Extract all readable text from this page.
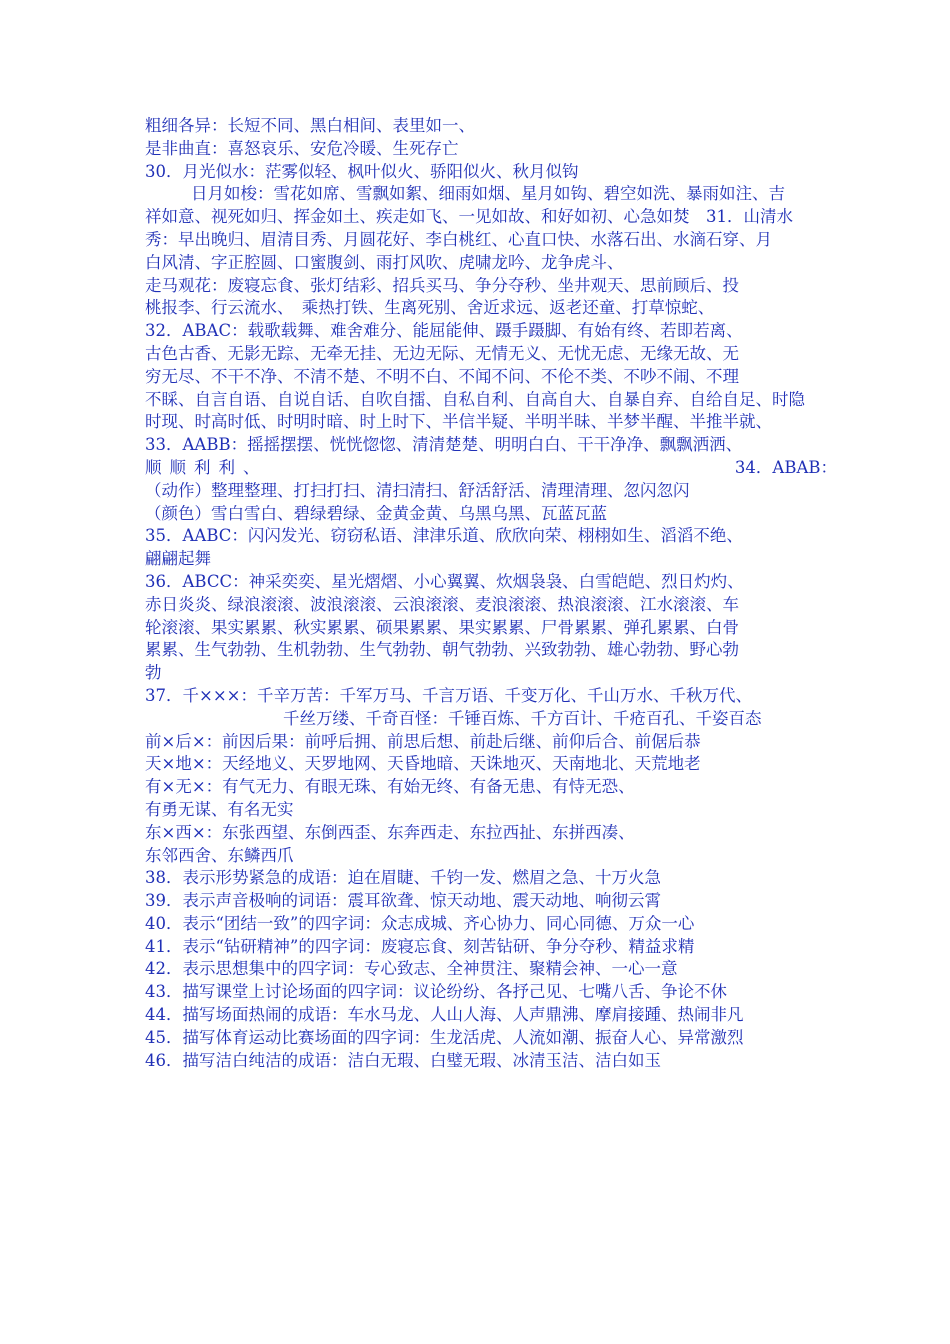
粗细各异：长短不同、黑白相间、表里如一、
是非曲直：喜怒哀乐、安危冷暖、生死存亡
30．月光似水：茫雾似轻、枫叶似火、骄阳似火、秋月似钩
日月如梭：雪花如席、雪飘如絮、细雨如烟、星月如钩、碧空如洗、暴雨如注、吉
祥如意、视死如归、挥金如土、疾走如飞、一见如故、和好如初、心急如焚　31．山清水
秀：早出晚归、眉清目秀、月圆花好、李白桃红、心直口快、水落石出、水滴石穿、月
白风清、字正腔圆、口蜜腹剑、雨打风吹、虎啸龙吟、龙争虎斗、
走马观花：废寝忘食、张灯结彩、招兵买马、争分夺秒、坐井观天、思前顾后、投
桃报李、行云流水、　乘热打铁、生离死别、舍近求远、返老还童、打草惊蛇、
32．ABAC：载歌载舞、难舍难分、能屈能伸、蹑手蹑脚、有始有终、若即若离、
古色古香、无影无踪、无牵无挂、无边无际、无情无义、无忧无虑、无缘无故、无
穷无尽、不干不净、不清不楚、不明不白、不闻不问、不伦不类、不吵不闹、不理
不睬、自言自语、自说自话、自吹自擂、自私自利、自高自大、自暴自弃、自给自足、时隐
时现、时高时低、时明时暗、时上时下、半信半疑、半明半昧、半梦半醒、半推半就、
33．AABB：摇摇摆摆、恍恍惚惚、清清楚楚、明明白白、干干净净、飘飘洒洒、
顺顺利利、	34．ABAB：
（动作）整理整理、打扫打扫、清扫清扫、舒活舒活、清理清理、忽闪忽闪
（颜色）雪白雪白、碧绿碧绿、金黄金黄、乌黑乌黑、瓦蓝瓦蓝
35．AABC：闪闪发光、窃窃私语、津津乐道、欣欣向荣、栩栩如生、滔滔不绝、
翩翩起舞
36．ABCC：神采奕奕、星光熠熠、小心翼翼、炊烟袅袅、白雪皑皑、烈日灼灼、
赤日炎炎、绿浪滚滚、波浪滚滚、云浪滚滚、麦浪滚滚、热浪滚滚、江水滚滚、车
轮滚滚、果实累累、秋实累累、硕果累累、果实累累、尸骨累累、弹孔累累、白骨
累累、生气勃勃、生机勃勃、生气勃勃、朝气勃勃、兴致勃勃、雄心勃勃、野心勃
勃
37．千×××：千辛万苦：千军万马、千言万语、千变万化、千山万水、千秋万代、
千丝万缕、千奇百怪：千锤百炼、千方百计、千疮百孔、千姿百态
前×后×：前因后果：前呼后拥、前思后想、前赴后继、前仰后合、前倨后恭
天×地×：天经地义、天罗地网、天昏地暗、天诛地灭、天南地北、天荒地老
有×无×：有气无力、有眼无珠、有始无终、有备无患、有恃无恐、
有勇无谋、有名无实
东×西×：东张西望、东倒西歪、东奔西走、东拉西扯、东拼西凑、
东邻西舍、东鳞西爪
38．表示形势紧急的成语：迫在眉睫、千钧一发、燃眉之急、十万火急
39．表示声音极响的词语：震耳欲聋、惊天动地、震天动地、响彻云霄
40．表示“团结一致”的四字词：众志成城、齐心协力、同心同德、万众一心
41．表示“钻研精神”的四字词：废寝忘食、刻苦钻研、争分夺秒、精益求精
42．表示思想集中的四字词：专心致志、全神贯注、聚精会神、一心一意
43．描写课堂上讨论场面的四字词：议论纷纷、各抒己见、七嘴八舌、争论不休
44．描写场面热闹的成语：车水马龙、人山人海、人声鼎沸、摩肩接踵、热闹非凡
45．描写体育运动比赛场面的四字词：生龙活虎、人流如潮、振奋人心、异常激烈
46．描写洁白纯洁的成语：洁白无瑕、白璧无瑕、冰清玉洁、洁白如玉
